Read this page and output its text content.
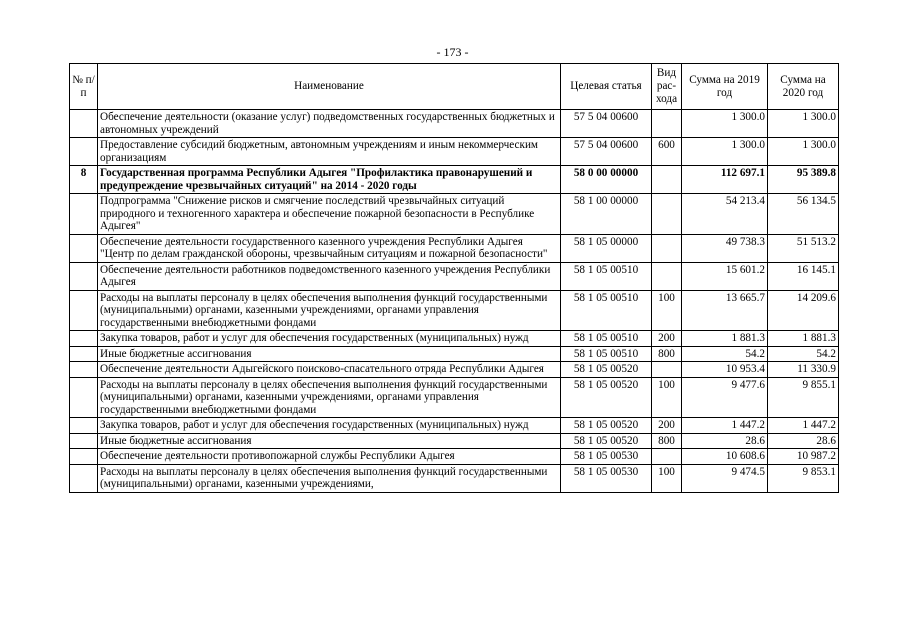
- 173 -
№ п/п	Наименование	Целевая статья	Вид рас-хода	Сумма на 2019 год	Сумма на 2020 год
	Обеспечение деятельности (оказание услуг) подведомственных государственных бюджетных и автономных учреждений	57 5 04 00600		1 300.0	1 300.0
	Предоставление субсидий бюджетным, автономным учреждениям и иным некоммерческим организациям	57 5 04 00600	600	1 300.0	1 300.0
8	Государственная программа Республики Адыгея "Профилактика правонарушений и предупреждение чрезвычайных ситуаций" на 2014 - 2020 годы	58 0 00 00000		112 697.1	95 389.8
	Подпрограмма "Снижение рисков и смягчение последствий чрезвычайных ситуаций природного и техногенного характера и обеспечение пожарной безопасности в Республике Адыгея"	58 1 00 00000		54 213.4	56 134.5
	Обеспечение деятельности государственного казенного учреждения Республики Адыгея "Центр по делам гражданской обороны, чрезвычайным ситуациям и пожарной безопасности"	58 1 05 00000		49 738.3	51 513.2
	Обеспечение деятельности работников подведомственного казенного учреждения Республики Адыгея	58 1 05 00510		15 601.2	16 145.1
	Расходы на выплаты персоналу в целях обеспечения выполнения функций государственными (муниципальными) органами, казенными учреждениями, органами управления государственными внебюджетными фондами	58 1 05 00510	100	13 665.7	14 209.6
	Закупка товаров, работ и услуг для обеспечения государственных (муниципальных) нужд	58 1 05 00510	200	1 881.3	1 881.3
	Иные бюджетные ассигнования	58 1 05 00510	800	54.2	54.2
	Обеспечение деятельности Адыгейского поисково-спасательного отряда Республики Адыгея	58 1 05 00520		10 953.4	11 330.9
	Расходы на выплаты персоналу в целях обеспечения выполнения функций государственными (муниципальными) органами, казенными учреждениями, органами управления государственными внебюджетными фондами	58 1 05 00520	100	9 477.6	9 855.1
	Закупка товаров, работ и услуг для обеспечения государственных (муниципальных) нужд	58 1 05 00520	200	1 447.2	1 447.2
	Иные бюджетные ассигнования	58 1 05 00520	800	28.6	28.6
	Обеспечение деятельности противопожарной службы Республики Адыгея	58 1 05 00530		10 608.6	10 987.2
	Расходы на выплаты персоналу в целях обеспечения выполнения функций государственными (муниципальными) органами, казенными учреждениями,	58 1 05 00530	100	9 474.5	9 853.1
